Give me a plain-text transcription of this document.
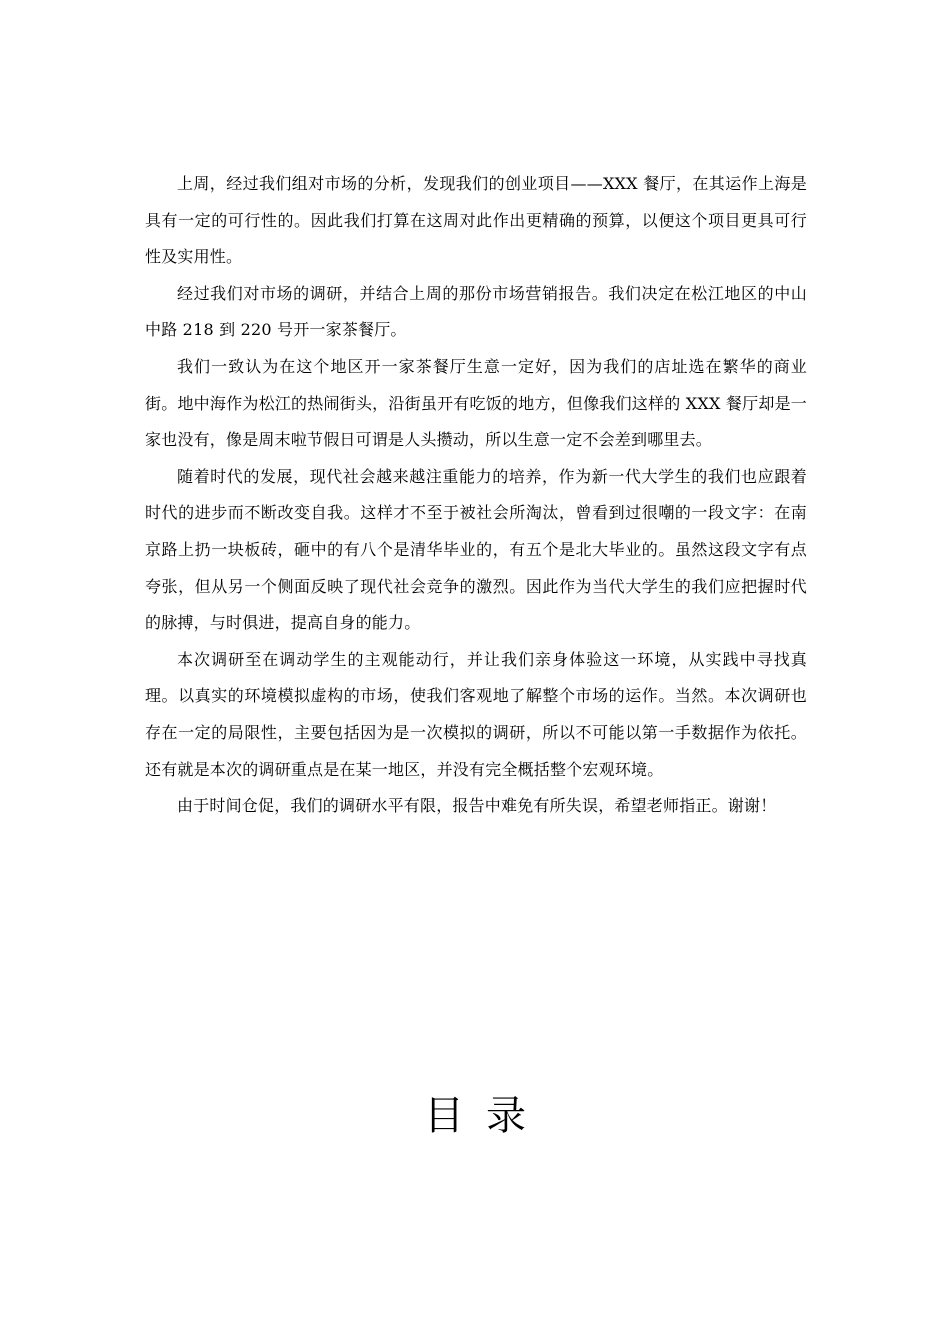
上周，经过我们组对市场的分析，发现我们的创业项目——XXX 餐厅，在其运作上海是具有一定的可行性的。因此我们打算在这周对此作出更精确的预算，以便这个项目更具可行性及实用性。

经过我们对市场的调研，并结合上周的那份市场营销报告。我们决定在松江地区的中山中路 218 到 220 号开一家茶餐厅。

我们一致认为在这个地区开一家茶餐厅生意一定好，因为我们的店址选在繁华的商业街。地中海作为松江的热闹街头，沿街虽开有吃饭的地方，但像我们这样的 XXX 餐厅却是一家也没有，像是周末啦节假日可谓是人头攒动，所以生意一定不会差到哪里去。

随着时代的发展，现代社会越来越注重能力的培养，作为新一代大学生的我们也应跟着时代的进步而不断改变自我。这样才不至于被社会所淘汰，曾看到过很嘲的一段文字：在南京路上扔一块板砖，砸中的有八个是清华毕业的，有五个是北大毕业的。虽然这段文字有点夸张，但从另一个侧面反映了现代社会竞争的激烈。因此作为当代大学生的我们应把握时代的脉搏，与时俱进，提高自身的能力。

本次调研至在调动学生的主观能动行，并让我们亲身体验这一环境，从实践中寻找真理。以真实的环境模拟虚构的市场，使我们客观地了解整个市场的运作。当然。本次调研也存在一定的局限性，主要包括因为是一次模拟的调研，所以不可能以第一手数据作为依托。还有就是本次的调研重点是在某一地区，并没有完全概括整个宏观环境。

由于时间仓促，我们的调研水平有限，报告中难免有所失误，希望老师指正。谢谢！

目录
